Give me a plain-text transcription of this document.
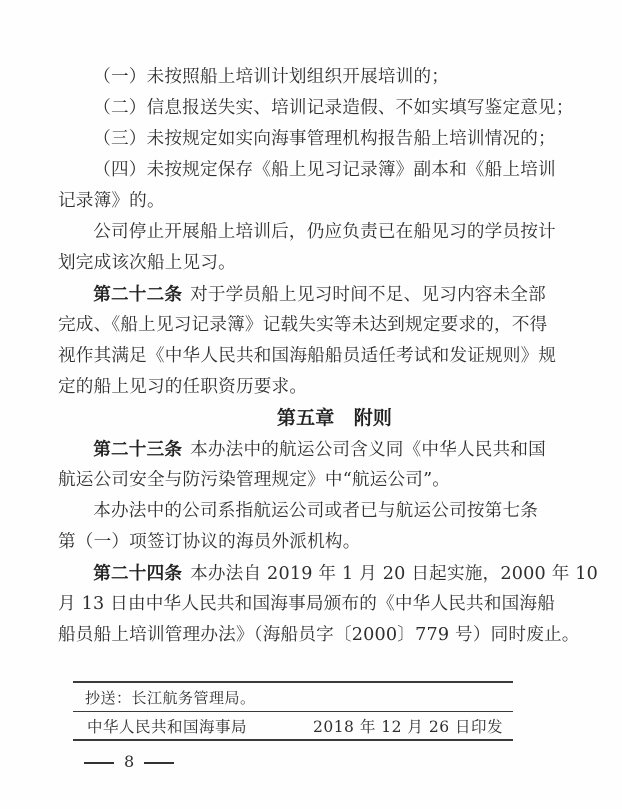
（一）未按照船上培训计划组织开展培训的；
（二）信息报送失实、培训记录造假、不如实填写鉴定意见；
（三）未按规定如实向海事管理机构报告船上培训情况的；
（四）未按规定保存《船上见习记录簿》副本和《船上培训
记录簿》的。
公司停止开展船上培训后，仍应负责已在船见习的学员按计
划完成该次船上见习。
第二十二条 对于学员船上见习时间不足、见习内容未全部
完成、《船上见习记录簿》记载失实等未达到规定要求的，不得
视作其满足《中华人民共和国海船船员适任考试和发证规则》规
定的船上见习的任职资历要求。
第五章　附则
第二十三条 本办法中的航运公司含义同《中华人民共和国
航运公司安全与防污染管理规定》中“航运公司”。
本办法中的公司系指航运公司或者已与航运公司按第七条
第（一）项签订协议的海员外派机构。
第二十四条 本办法自 2019 年 1 月 20 日起实施，2000 年 10
月 13 日由中华人民共和国海事局颁布的《中华人民共和国海船
船员船上培训管理办法》（海船员字〔2000〕779 号）同时废止。
抄送：长江航务管理局。
中华人民共和国海事局	2018 年 12 月 26 日印发
8
